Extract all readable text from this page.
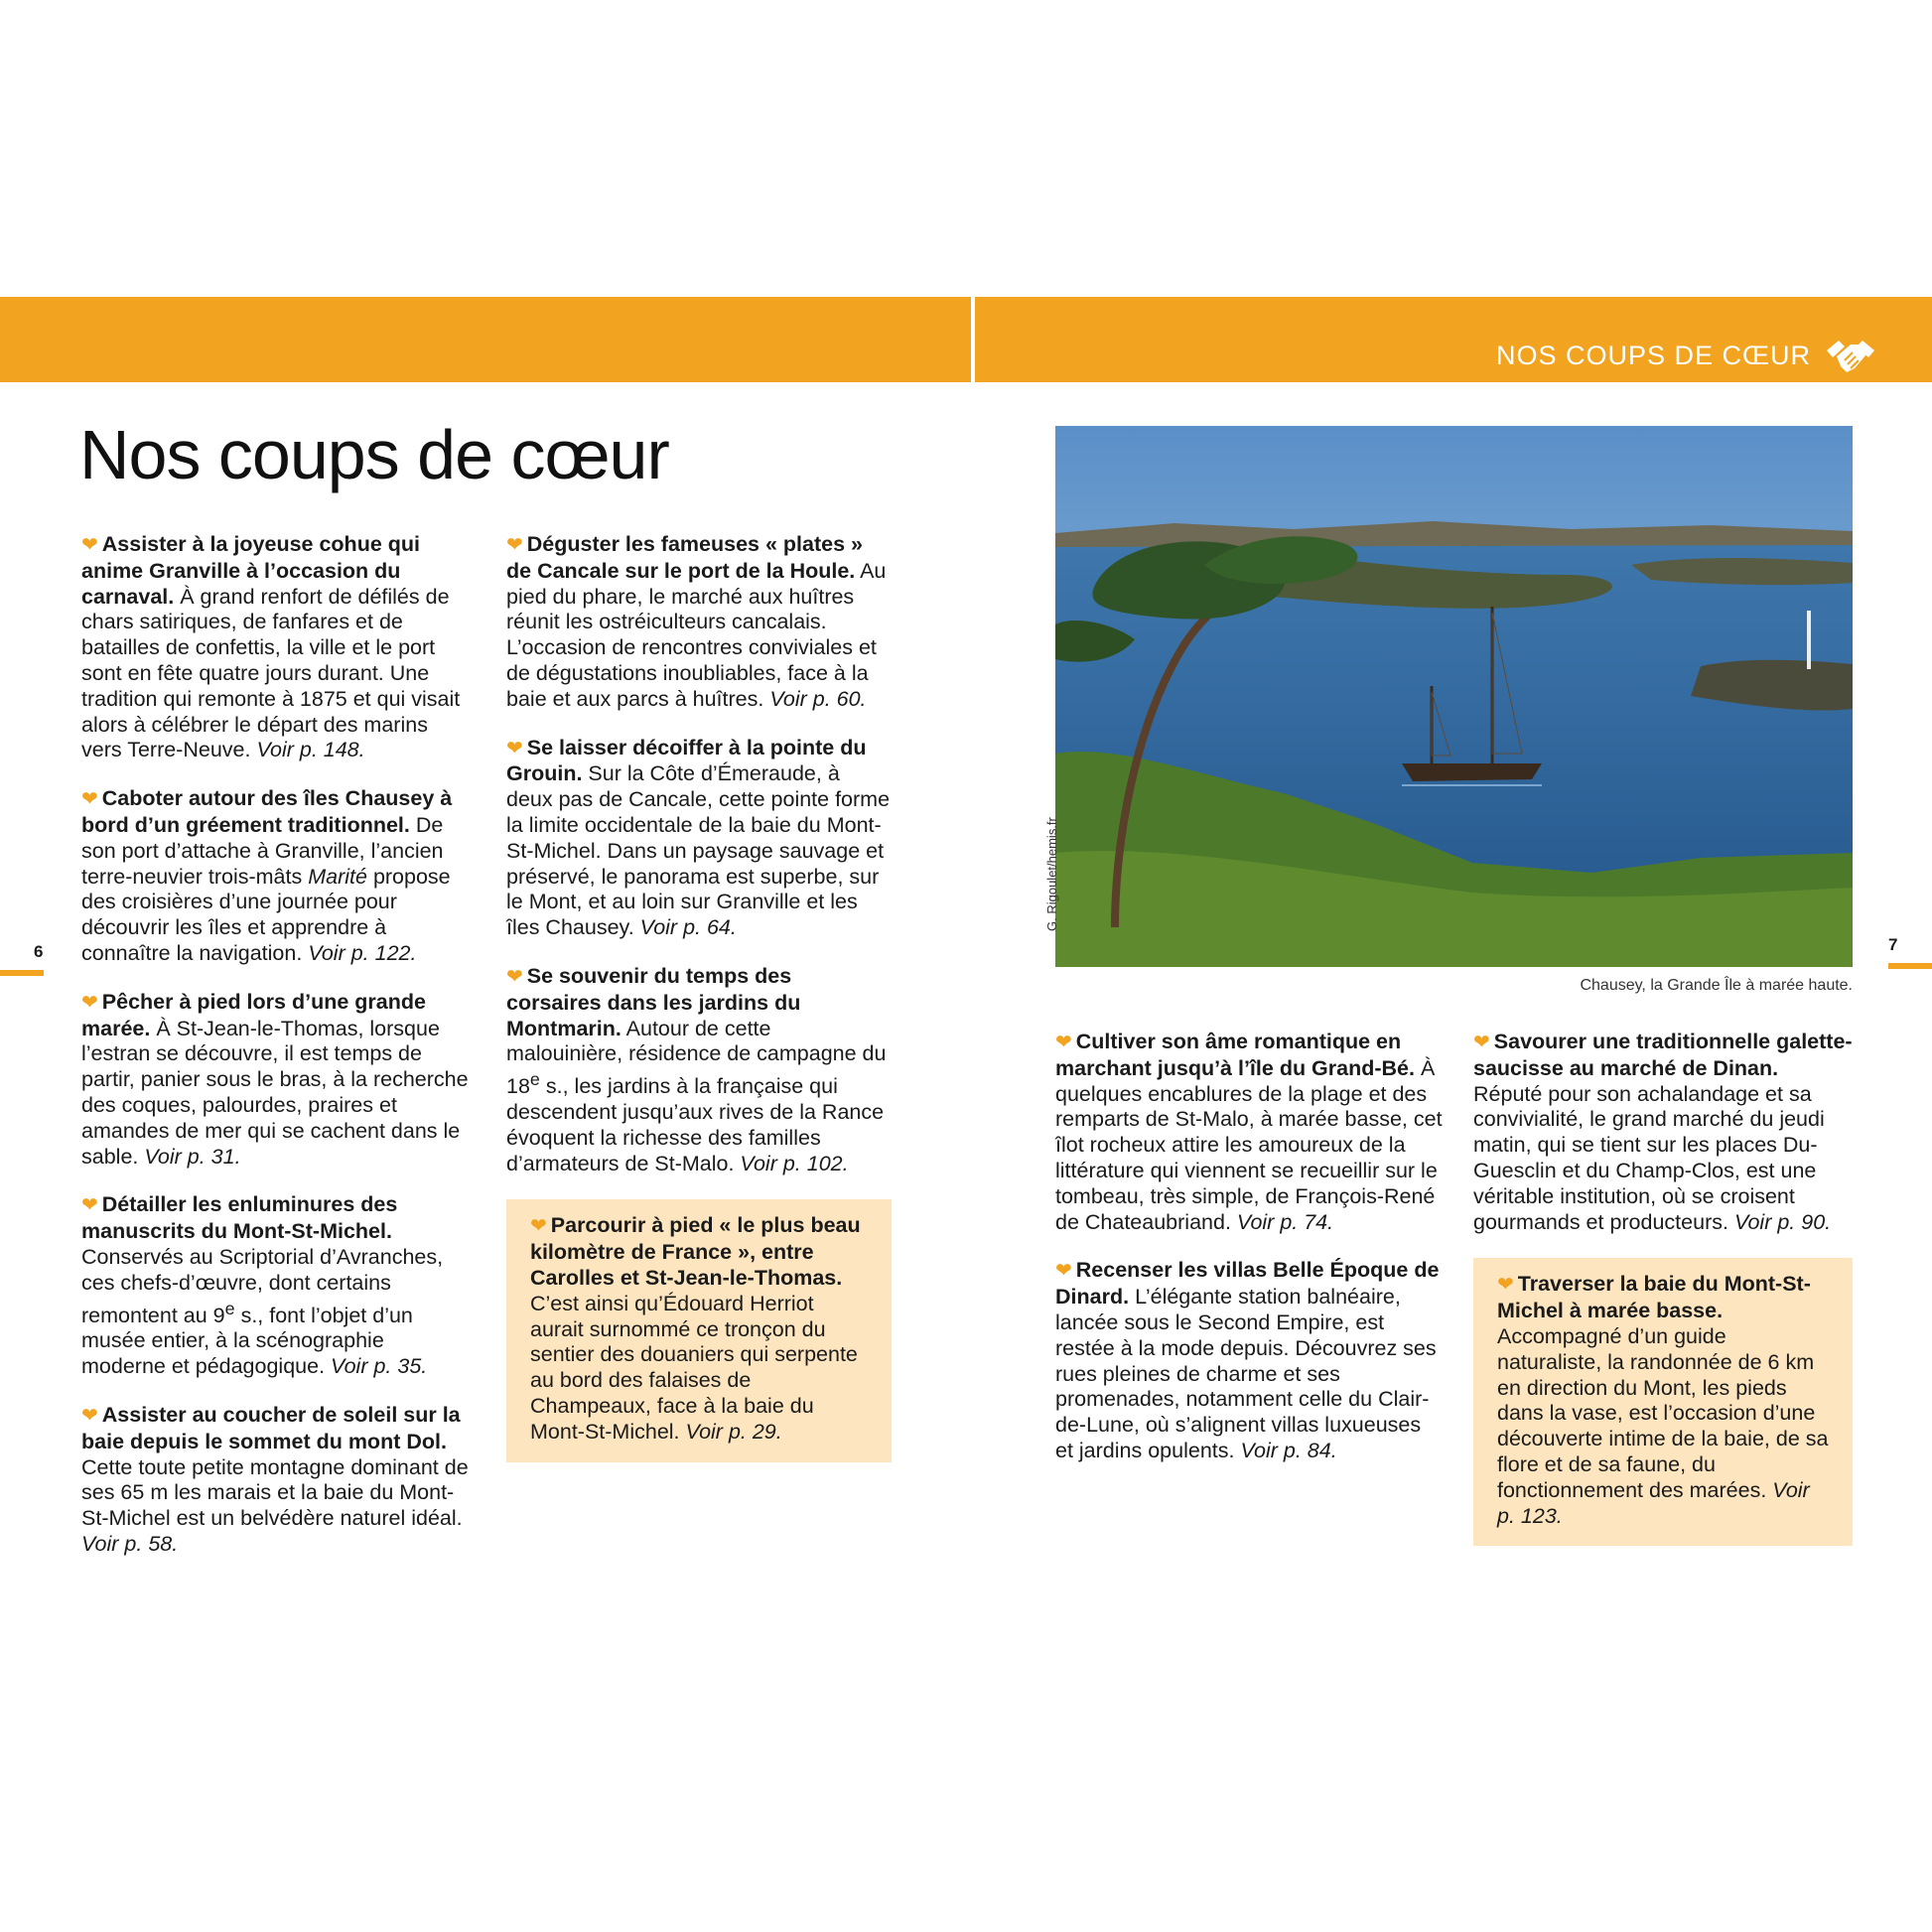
NOS COUPS DE CŒUR
Nos coups de cœur

❤ Assister à la joyeuse cohue qui anime Granville à l’occasion du carnaval. À grand renfort de défilés de chars satiriques, de fanfares et de batailles de confettis, la ville et le port sont en fête quatre jours durant. Une tradition qui remonte à 1875 et qui visait alors à célébrer le départ des marins vers Terre-Neuve. Voir p. 148.

❤ Caboter autour des îles Chausey à bord d’un gréement traditionnel. De son port d’attache à Granville, l’ancien terre-neuvier trois-mâts Marité propose des croisières d’une journée pour découvrir les îles et apprendre à connaître la navigation. Voir p. 122.

❤ Pêcher à pied lors d’une grande marée. À St-Jean-le-Thomas, lorsque l’estran se découvre, il est temps de partir, panier sous le bras, à la recherche des coques, palourdes, praires et amandes de mer qui se cachent dans le sable. Voir p. 31.

❤ Détailler les enluminures des manuscrits du Mont-St-Michel. Conservés au Scriptorial d’Avranches, ces chefs-d’œuvre, dont certains remontent au 9e s., font l’objet d’un musée entier, à la scénographie moderne et pédagogique. Voir p. 35.

❤ Assister au coucher de soleil sur la baie depuis le sommet du mont Dol. Cette toute petite montagne dominant de ses 65 m les marais et la baie du Mont-St-Michel est un belvédère naturel idéal. Voir p. 58.

❤ Déguster les fameuses « plates » de Cancale sur le port de la Houle. Au pied du phare, le marché aux huîtres réunit les ostréiculteurs cancalais. L’occasion de rencontres conviviales et de dégustations inoubliables, face à la baie et aux parcs à huîtres. Voir p. 60.

❤ Se laisser décoiffer à la pointe du Grouin. Sur la Côte d’Émeraude, à deux pas de Cancale, cette pointe forme la limite occidentale de la baie du Mont-St-Michel. Dans un paysage sauvage et préservé, le panorama est superbe, sur le Mont, et au loin sur Granville et les îles Chausey. Voir p. 64.

❤ Se souvenir du temps des corsaires dans les jardins du Montmarin. Autour de cette malouinière, résidence de campagne du 18e s., les jardins à la française qui descendent jusqu’aux rives de la Rance évoquent la richesse des familles d’armateurs de St-Malo. Voir p. 102.

❤ Parcourir à pied « le plus beau kilomètre de France », entre Carolles et St-Jean-le-Thomas. C’est ainsi qu’Édouard Herriot aurait surnommé ce tronçon du sentier des douaniers qui serpente au bord des falaises de Champeaux, face à la baie du Mont-St-Michel. Voir p. 29.

6	7
G. Rigoulet/hemis.fr
Chausey, la Grande Île à marée haute.

❤ Cultiver son âme romantique en marchant jusqu’à l’île du Grand-Bé. À quelques encablures de la plage et des remparts de St-Malo, à marée basse, cet îlot rocheux attire les amoureux de la littérature qui viennent se recueillir sur le tombeau, très simple, de François-René de Chateaubriand. Voir p. 74.

❤ Recenser les villas Belle Époque de Dinard. L’élégante station balnéaire, lancée sous le Second Empire, est restée à la mode depuis. Découvrez ses rues pleines de charme et ses promenades, notamment celle du Clair-de-Lune, où s’alignent villas luxueuses et jardins opulents. Voir p. 84.

❤ Savourer une traditionnelle galette-saucisse au marché de Dinan. Réputé pour son achalandage et sa convivialité, le grand marché du jeudi matin, qui se tient sur les places Du-Guesclin et du Champ-Clos, est une véritable institution, où se croisent gourmands et producteurs. Voir p. 90.

❤ Traverser la baie du Mont-St-Michel à marée basse. Accompagné d’un guide naturaliste, la randonnée de 6 km en direction du Mont, les pieds dans la vase, est l’occasion d’une découverte intime de la baie, de sa flore et de sa faune, du fonctionnement des marées. Voir p. 123.
